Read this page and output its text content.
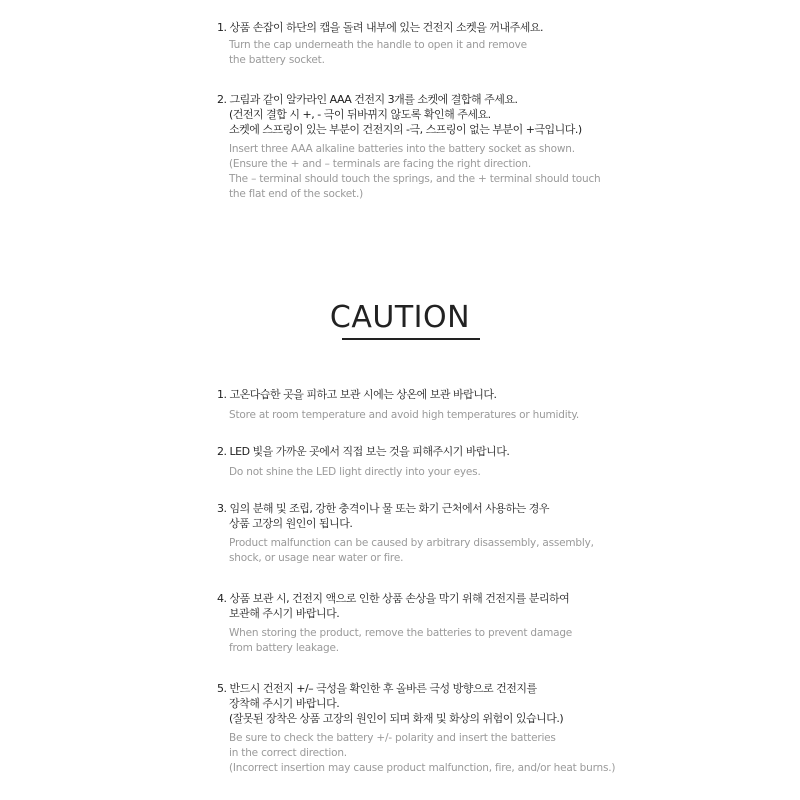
1. 상품 손잡이 하단의 캡을 돌려 내부에 있는 건전지 소켓을 꺼내주세요.
Turn the cap underneath the handle to open it and remove
the battery socket.
2. 그림과 같이 알카라인 AAA 건전지 3개를 소켓에 결합해 주세요.
(건전지 결합 시 +, - 극이 뒤바뀌지 않도록 확인해 주세요.
소켓에 스프링이 있는 부분이 건전지의 -극, 스프링이 없는 부분이 +극입니다.)
Insert three AAA alkaline batteries into the battery socket as shown.
(Ensure the + and – terminals are facing the right direction.
The – terminal should touch the springs, and the + terminal should touch
the flat end of the socket.)
CAUTION
1. 고온다습한 곳을 피하고 보관 시에는 상온에 보관 바랍니다.
Store at room temperature and avoid high temperatures or humidity.
2. LED 빛을 가까운 곳에서 직접 보는 것을 피해주시기 바랍니다.
Do not shine the LED light directly into your eyes.
3. 임의 분해 및 조립, 강한 충격이나 물 또는 화기 근처에서 사용하는 경우
상품 고장의 원인이 됩니다.
Product malfunction can be caused by arbitrary disassembly, assembly,
shock, or usage near water or fire.
4. 상품 보관 시, 건전지 액으로 인한 상품 손상을 막기 위해 건전지를 분리하여
보관해 주시기 바랍니다.
When storing the product, remove the batteries to prevent damage
from battery leakage.
5. 반드시 건전지 +/– 극성을 확인한 후 올바른 극성 방향으로 건전지를
장착해 주시기 바랍니다.
(잘못된 장착은 상품 고장의 원인이 되며 화재 및 화상의 위험이 있습니다.)
Be sure to check the battery +/- polarity and insert the batteries
in the correct direction.
(Incorrect insertion may cause product malfunction, fire, and/or heat burns.)
